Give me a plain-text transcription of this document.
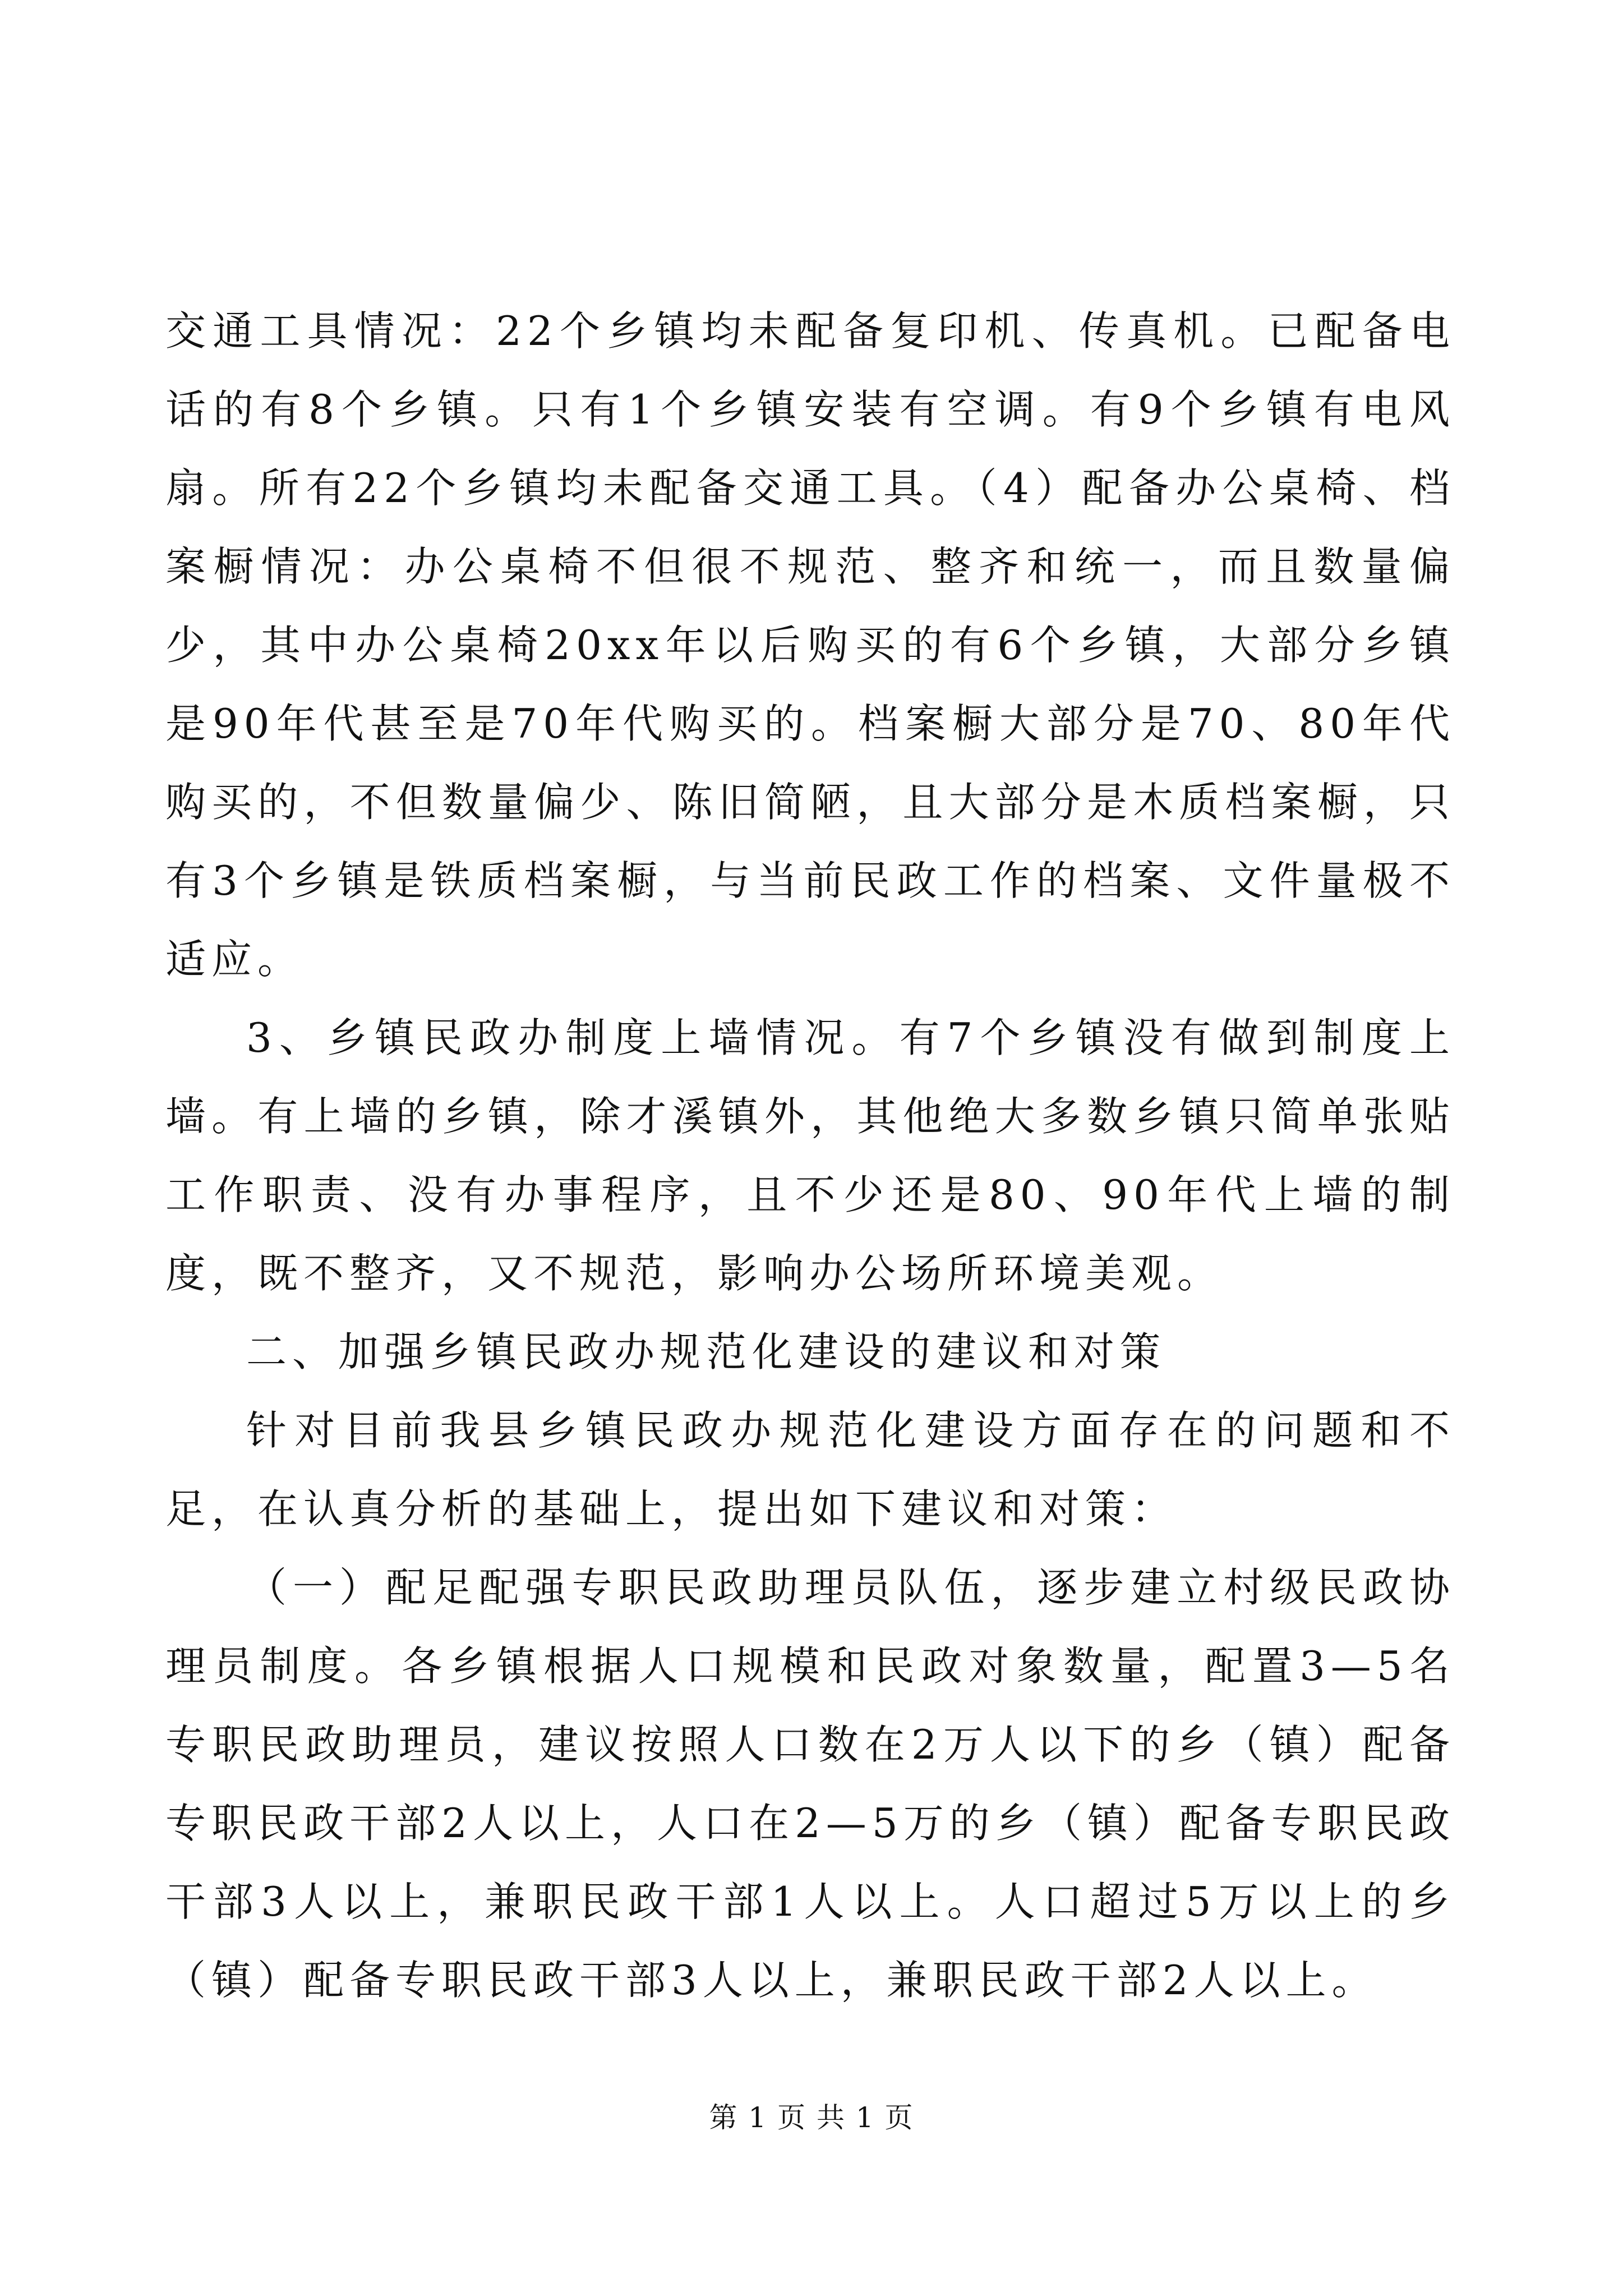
交通工具情况：22个乡镇均未配备复印机、传真机。已配备电话的有8个乡镇。只有1个乡镇安装有空调。有9个乡镇有电风扇。所有22个乡镇均未配备交通工具。（4）配备办公桌椅、档案橱情况：办公桌椅不但很不规范、整齐和统一，而且数量偏少，其中办公桌椅20xx年以后购买的有6个乡镇，大部分乡镇是90年代甚至是70年代购买的。档案橱大部分是70、80年代购买的，不但数量偏少、陈旧简陋，且大部分是木质档案橱，只有3个乡镇是铁质档案橱，与当前民政工作的档案、文件量极不适应。

3、乡镇民政办制度上墙情况。有7个乡镇没有做到制度上墙。有上墙的乡镇，除才溪镇外，其他绝大多数乡镇只简单张贴工作职责、没有办事程序，且不少还是80、90年代上墙的制度，既不整齐，又不规范，影响办公场所环境美观。

二、加强乡镇民政办规范化建设的建议和对策

针对目前我县乡镇民政办规范化建设方面存在的问题和不足，在认真分析的基础上，提出如下建议和对策：

（一）配足配强专职民政助理员队伍，逐步建立村级民政协理员制度。各乡镇根据人口规模和民政对象数量，配置3—5名专职民政助理员，建议按照人口数在2万人以下的乡（镇）配备专职民政干部2人以上，人口在2—5万的乡（镇）配备专职民政干部3人以上，兼职民政干部1人以上。人口超过5万以上的乡（镇）配备专职民政干部3人以上，兼职民政干部2人以上。

第 1 页 共 1 页
